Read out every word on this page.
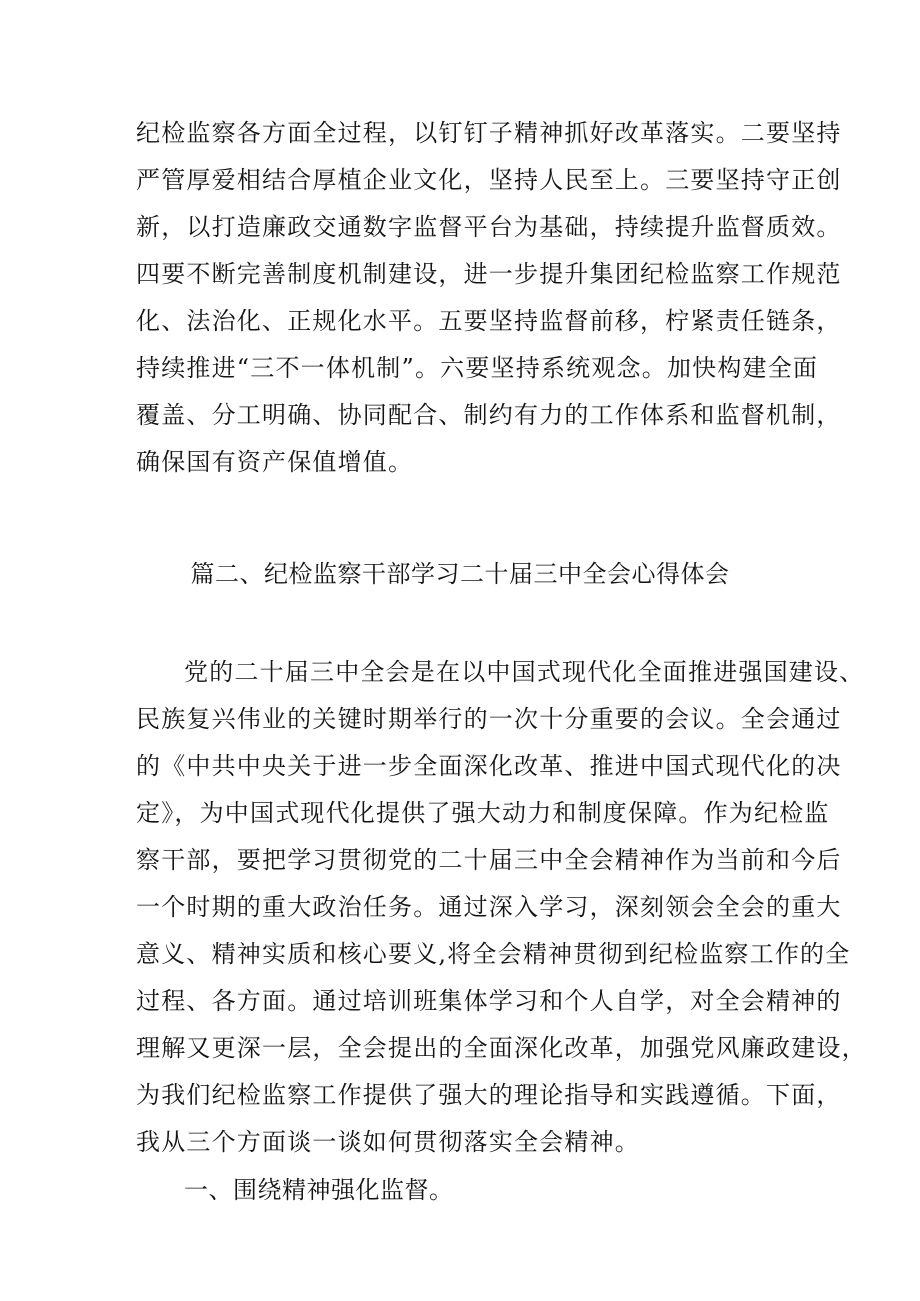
纪检监察各方面全过程，以钉钉子精神抓好改革落实。二要坚持
严管厚爱相结合厚植企业文化，坚持人民至上。三要坚持守正创
新，以打造廉政交通数字监督平台为基础，持续提升监督质效。
四要不断完善制度机制建设，进一步提升集团纪检监察工作规范
化、法治化、正规化水平。五要坚持监督前移，柠紧责任链条，
持续推进“三不一体机制”。六要坚持系统观念。加快构建全面
覆盖、分工明确、协同配合、制约有力的工作体系和监督机制，
确保国有资产保值增值。
篇二、纪检监察干部学习二十届三中全会心得体会
党的二十届三中全会是在以中国式现代化全面推进强国建设、
民族复兴伟业的关键时期举行的一次十分重要的会议。全会通过
的《中共中央关于进一步全面深化改革、推进中国式现代化的决
定》，为中国式现代化提供了强大动力和制度保障。作为纪检监
察干部，要把学习贯彻党的二十届三中全会精神作为当前和今后
一个时期的重大政治任务。通过深入学习，深刻领会全会的重大
意义、精神实质和核心要义,将全会精神贯彻到纪检监察工作的全
过程、各方面。通过培训班集体学习和个人自学，对全会精神的
理解又更深一层，全会提出的全面深化改革，加强党风廉政建设，
为我们纪检监察工作提供了强大的理论指导和实践遵循。下面，
我从三个方面谈一谈如何贯彻落实全会精神。
一、围绕精神强化监督。
